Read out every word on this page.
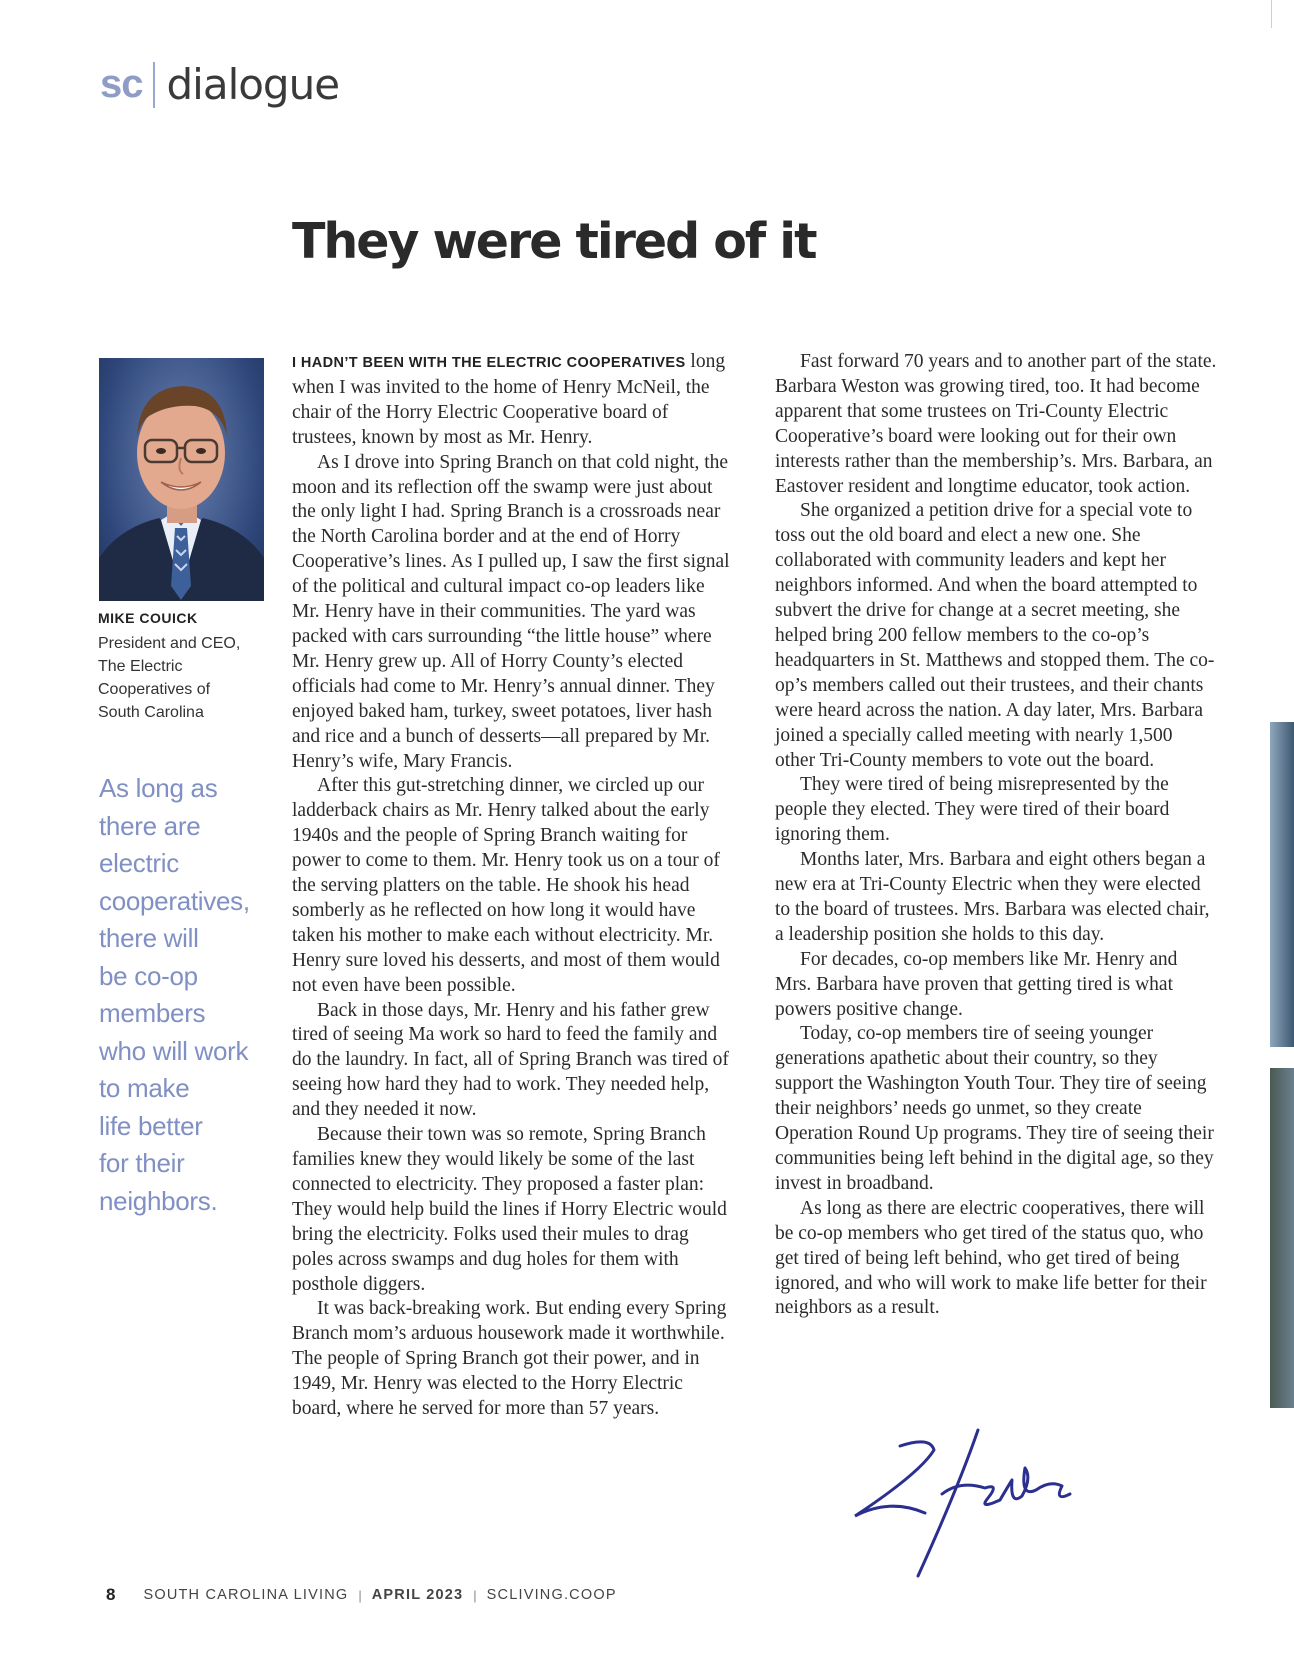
sc dialogue
They were tired of it
MIKE COUICK
President and CEO,
The Electric
Cooperatives of
South Carolina
As long as
there are
electric
cooperatives,
there will
be co-op
members
who will work
to make
life better
for their
neighbors.

I HADN’T BEEN WITH THE ELECTRIC COOPERATIVES long when I was invited to the home of Henry McNeil, the chair of the Horry Electric Cooperative board of trustees, known by most as Mr. Henry.

As I drove into Spring Branch on that cold night, the moon and its reflection off the swamp were just about the only light I had. Spring Branch is a crossroads near the North Carolina border and at the end of Horry Cooperative’s lines. As I pulled up, I saw the first signal of the political and cultural impact co-op leaders like Mr. Henry have in their communities. The yard was packed with cars surrounding “the little house” where Mr. Henry grew up. All of Horry County’s elected officials had come to Mr. Henry’s annual dinner. They enjoyed baked ham, turkey, sweet potatoes, liver hash and rice and a bunch of desserts—all prepared by Mr. Henry’s wife, Mary Francis.

After this gut-stretching dinner, we circled up our ladderback chairs as Mr. Henry talked about the early 1940s and the people of Spring Branch waiting for power to come to them. Mr. Henry took us on a tour of the serving platters on the table. He shook his head somberly as he reflected on how long it would have taken his mother to make each without electricity. Mr. Henry sure loved his desserts, and most of them would not even have been possible.

Back in those days, Mr. Henry and his father grew tired of seeing Ma work so hard to feed the family and do the laundry. In fact, all of Spring Branch was tired of seeing how hard they had to work. They needed help, and they needed it now.

Because their town was so remote, Spring Branch families knew they would likely be some of the last connected to electricity. They proposed a faster plan: They would help build the lines if Horry Electric would bring the electricity. Folks used their mules to drag poles across swamps and dug holes for them with posthole diggers.

It was back-breaking work. But ending every Spring Branch mom’s arduous housework made it worthwhile. The people of Spring Branch got their power, and in 1949, Mr. Henry was elected to the Horry Electric board, where he served for more than 57 years.

Fast forward 70 years and to another part of the state. Barbara Weston was growing tired, too. It had become apparent that some trustees on Tri-County Electric Cooperative’s board were looking out for their own interests rather than the membership’s. Mrs. Barbara, an Eastover resident and longtime educator, took action.

She organized a petition drive for a special vote to toss out the old board and elect a new one. She collaborated with community leaders and kept her neighbors informed. And when the board attempted to subvert the drive for change at a secret meeting, she helped bring 200 fellow members to the co-op’s headquarters in St. Matthews and stopped them. The co-op’s members called out their trustees, and their chants were heard across the nation. A day later, Mrs. Barbara joined a specially called meeting with nearly 1,500 other Tri-County members to vote out the board.

They were tired of being misrepresented by the people they elected. They were tired of their board ignoring them.

Months later, Mrs. Barbara and eight others began a new era at Tri-County Electric when they were elected to the board of trustees. Mrs. Barbara was elected chair, a leadership position she holds to this day.

For decades, co-op members like Mr. Henry and Mrs. Barbara have proven that getting tired is what powers positive change.

Today, co-op members tire of seeing younger generations apathetic about their country, so they support the Washington Youth Tour. They tire of seeing their neighbors’ needs go unmet, so they create Operation Round Up programs. They tire of seeing their communities being left behind in the digital age, so they invest in broadband.

As long as there are electric cooperatives, there will be co-op members who get tired of the status quo, who get tired of being left behind, who get tired of being ignored, and who will work to make life better for their neighbors as a result.

8 SOUTH CAROLINA LIVING | APRIL 2023 | SCLIVING.COOP
